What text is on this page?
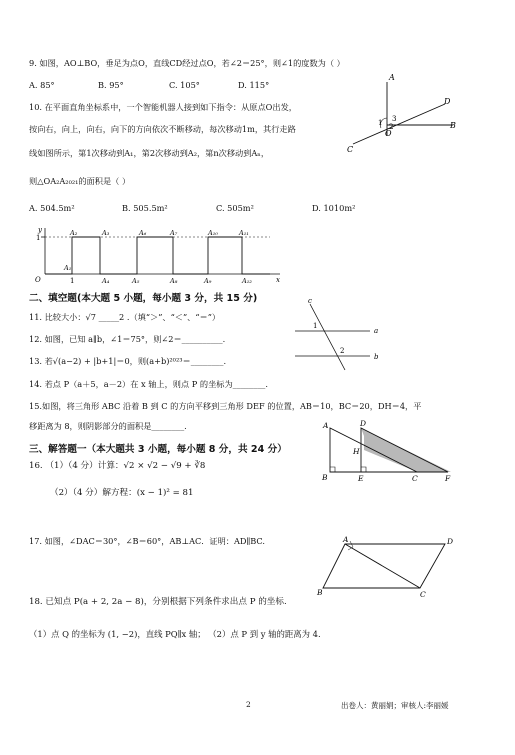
9. 如图，AO⊥BO，垂足为点O，直线CD经过点O，若∠2＝25°，则∠1的度数为（ ）
A. 85°	B. 95°	C. 105°	D. 115°
A
D
B
C
O
1 2
3
10. 在平面直角坐标系中，一个智能机器人接到如下指令：从原点O出发，
按向右，向上，向右，向下的方向依次不断移动，每次移动1m，其行走路
线如图所示，第1次移动到A₁，第2次移动到A₂，第n次移动到Aₙ，
则△OA₂A₂₀₂₁的面积是（ ）
A. 504.5m²	B. 505.5m²	C. 505m²	D. 1010m²
y
x
O
1
1
A₁
A₂	A₃
A₄	A₅
A₆	A₇
A₈	A₉
A₁₀	A₁₁
A₁₂
二、填空题(本大题 5 小题，每小题 3 分，共 15 分)
11. 比较大小：√7 _____2 .（填“＞”、“＜”、“＝”）
12. 如图，已知 a∥b，∠1＝75°，则∠2＝__________.
13. 若√(a−2) + |b+1|＝0，则(a+b)²⁰²³＝________.
14. 若点 P（a＋5，a－2）在 x 轴上，则点 P 的坐标为________.
c
a
b
1
2
15.如图，将三角形 ABC 沿着 B 到 C 的方向平移到三角形 DEF 的位置，AB＝10，BC＝20，DH＝4，平
移距离为 8，则阴影部分的面积是________.	A	D
H
B	E	C	F
三、解答题一（本大题共 3 小题，每小题 8 分，共 24 分）
16. （1）（4 分）计算：√2 × √2 − √9 + ∛8
（2）（4 分）解方程：(x − 1)² = 81
17. 如图，∠DAC＝30°，∠B＝60°，AB⊥AC．证明：AD∥BC.	A	D
B	C
18. 已知点 P(a + 2, 2a − 8)，分别根据下列条件求出点 P 的坐标.
（1）点 Q 的坐标为 (1, −2)，直线 PQ∥x 轴； （2）点 P 到 y 轴的距离为 4.
2	出卷人：黄丽娟；审核人:李丽媛
